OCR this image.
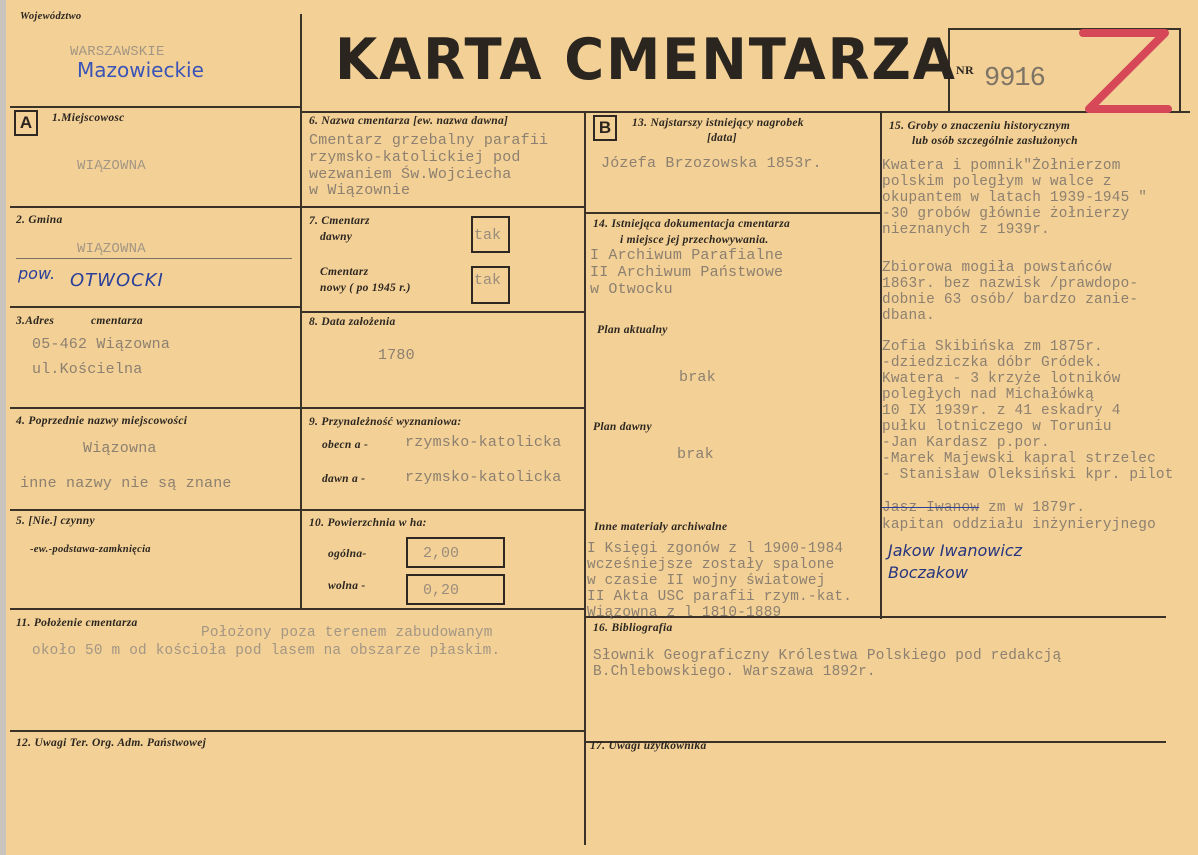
Województwo
WARSZAWSKIE
Mazowieckie KARTA CMENTARZA NR 9916
A	1.Miejscowosc
WIĄZOWNA
2. Gmina
WIĄZOWNA
pow. OTWOCKI
3.Adres	cmentarza
05-462 Wiązowna
ul.Kościelna
4. Poprzednie nazwy miejscowości
Wiązowna
inne nazwy nie są znane
5. [Nie.] czynny
-ew.-podstawa-zamknięcia
6. Nazwa cmentarza [ew. nazwa dawna]
Cmentarz grzebalny parafii
rzymsko-katolickiej pod
wezwaniem Św.Wojciecha
w Wiązownie
7. Cmentarz
dawny	tak
Cmentarz
nowy ( po 1945 r.)	tak
8. Data założenia
1780
9. Przynależność wyznaniowa:
obecn a - rzymsko-katolicka
dawn a -	rzymsko-katolicka
10. Powierzchnia w ha:
ogólna-	2,00
wolna -	0,20
B	13. Najstarszy istniejący nagrobek
[data]
Józefa Brzozowska 1853r.
14. Istniejąca dokumentacja cmentarza
i miejsce jej przechowywania.
I Archiwum Parafialne
II Archiwum Państwowe
w Otwocku
Plan aktualny
brak
Plan dawny
brak
Inne materiały archiwalne
I Księgi zgonów z l 1900-1984
wcześniejsze zostały spalone
w czasie II wojny światowej
II Akta USC parafii rzym.-kat.
Wiązowna z l 1810-1889
15. Groby o znaczeniu historycznym
lub osób szczególnie zasłużonych
Kwatera i pomnik"Żołnierzom
polskim poległym w walce z
okupantem w latach 1939-1945 "
-30 grobów głównie żołnierzy
nieznanych z 1939r.
Zbiorowa mogiła powstańców
1863r. bez nazwisk /prawdopo-
dobnie 63 osób/ bardzo zanie-
dbana.
Zofia Skibińska zm 1875r.
-dziedziczka dóbr Gródek.
Kwatera - 3 krzyże lotników
poległych nad Michałówką
10 IX 1939r. z 41 eskadry 4
pułku lotniczego w Toruniu
-Jan Kardasz p.por.
-Marek Majewski kapral strzelec
- Stanisław Oleksiński kpr. pilot
Jasz Iwanow zm w 1879r.
kapitan oddziału inżynieryjnego
Jakow Iwanowicz
Boczakow
11. Położenie cmentarza
Położony poza terenem zabudowanym
około 50 m od kościoła pod lasem na obszarze płaskim.
16. Bibliografia
Słownik Geograficzny Królestwa Polskiego pod redakcją
B.Chlebowskiego. Warszawa 1892r.
12. Uwagi Ter. Org. Adm. Państwowej	17. Uwagi użytkownika
